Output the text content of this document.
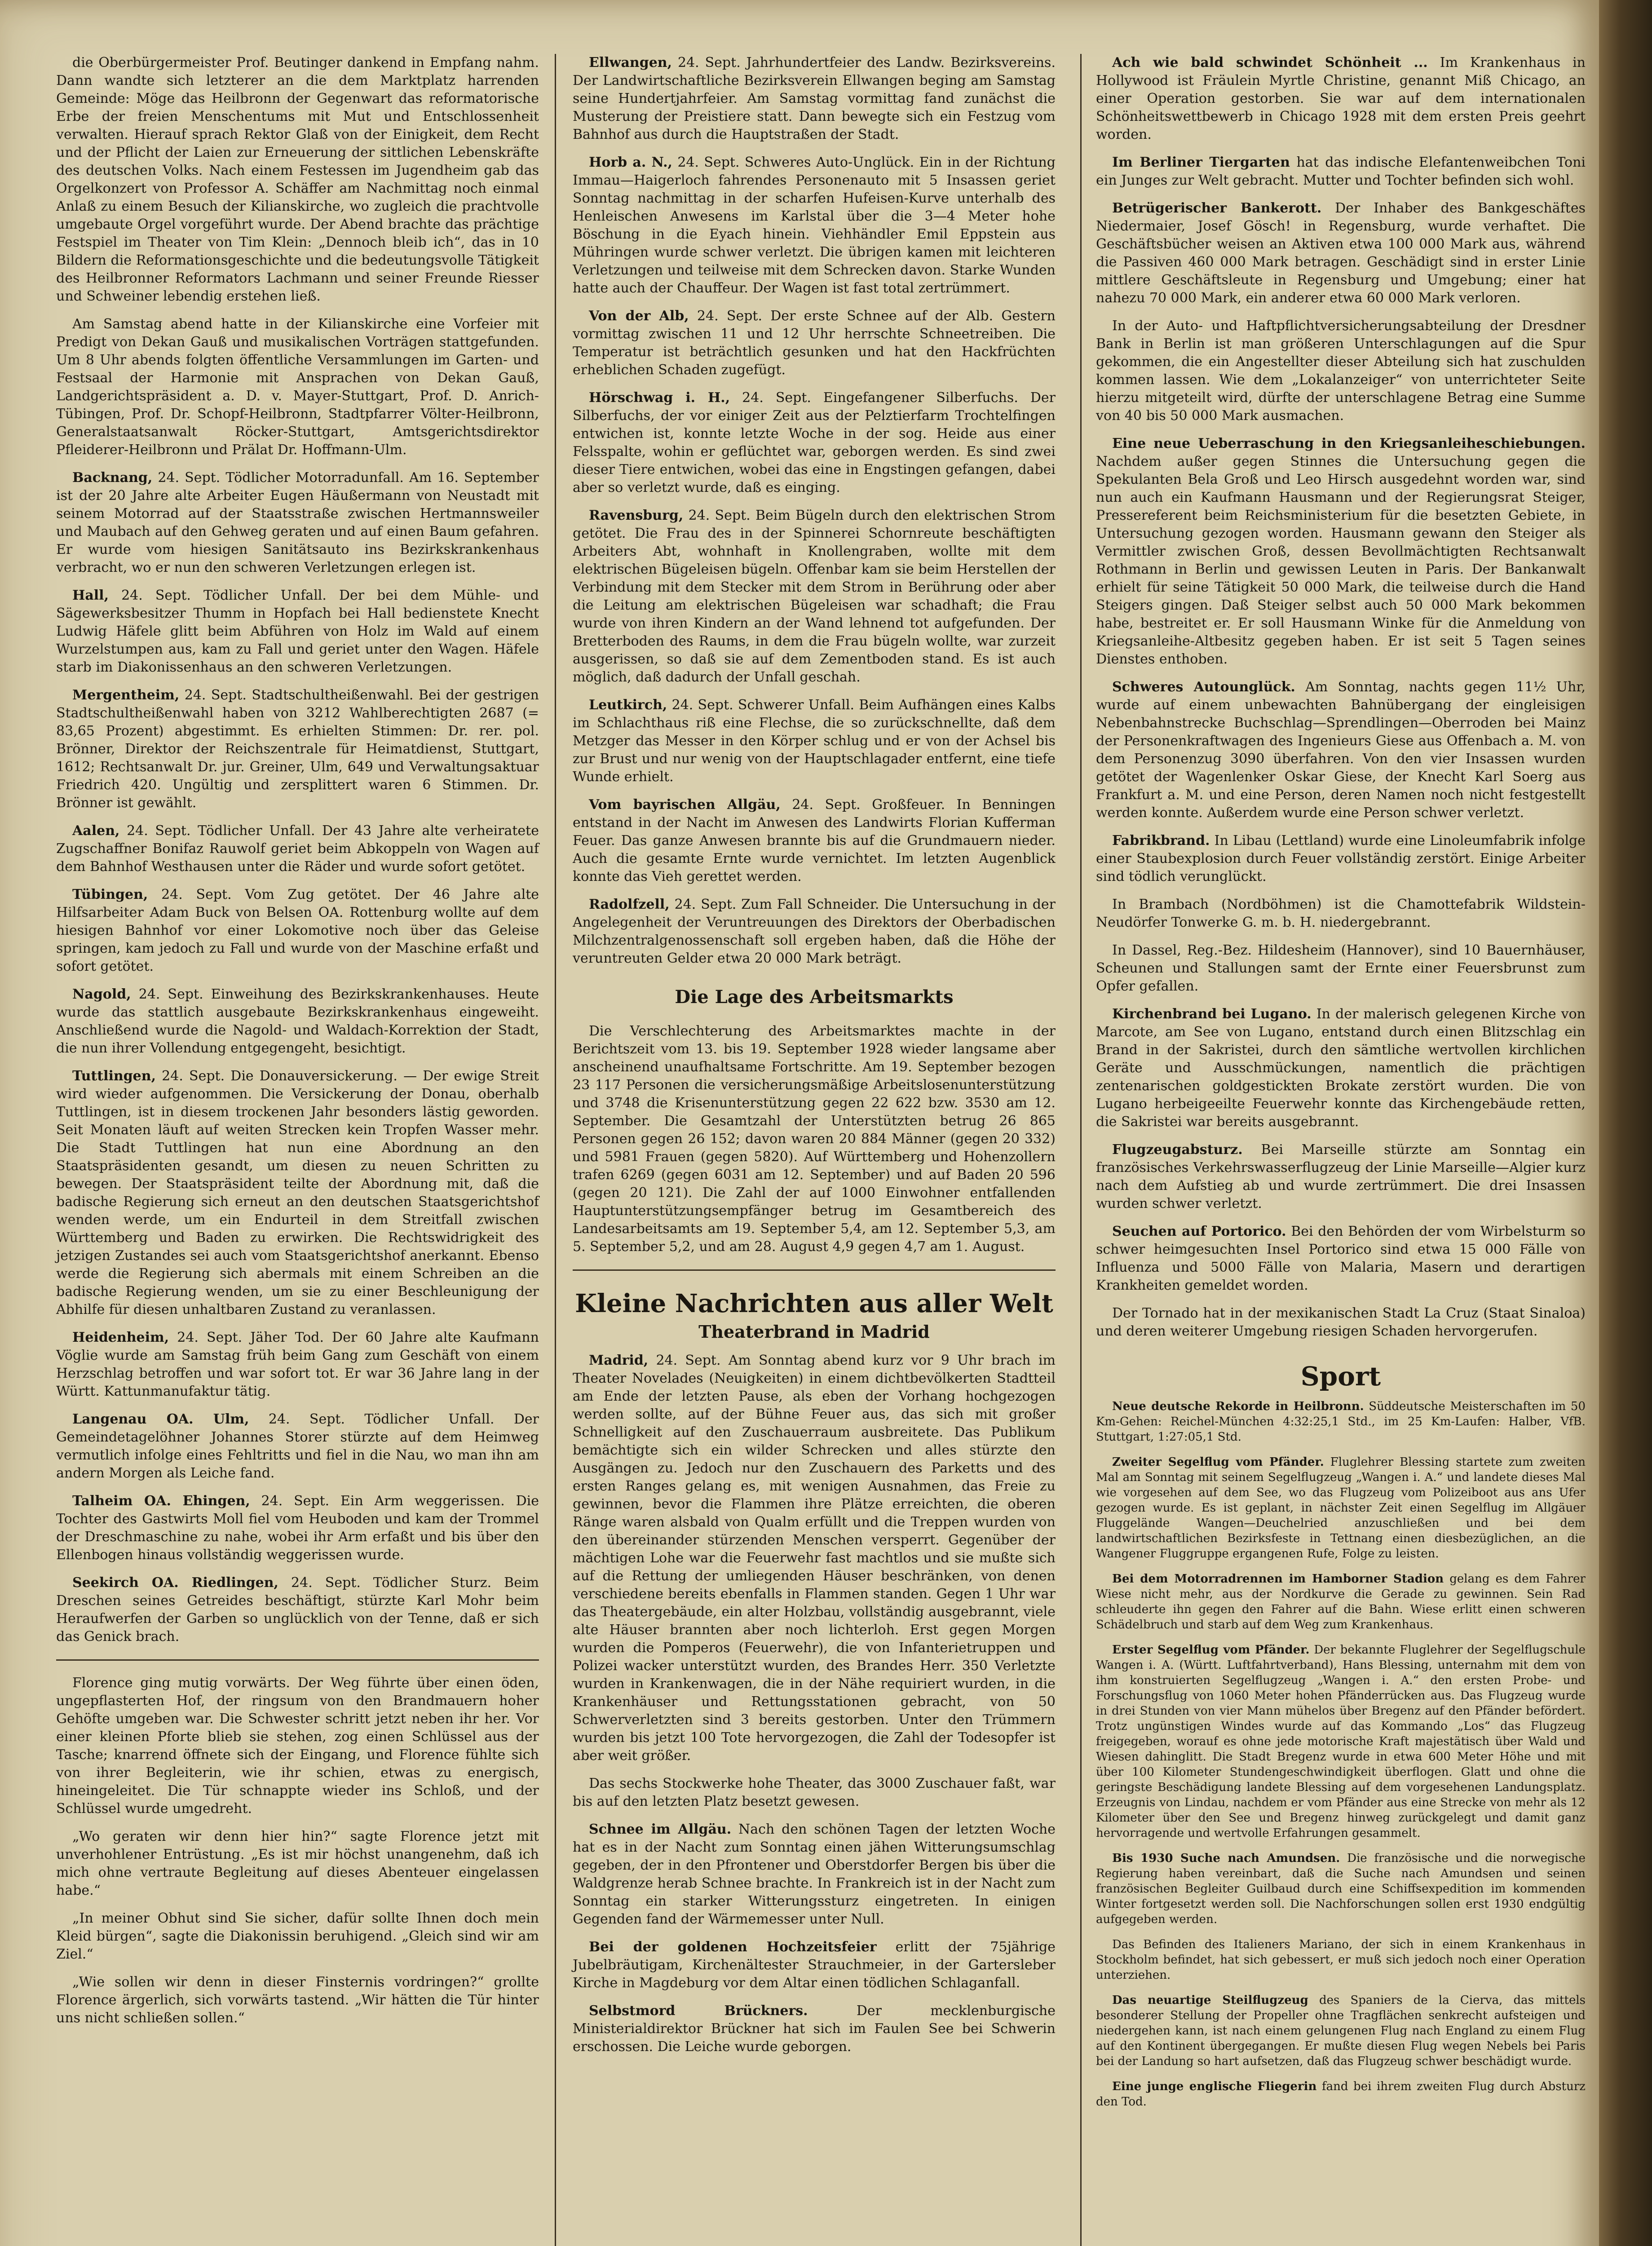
die Oberbürgermeister Prof. Beutinger dankend in Empfang nahm. Dann wandte sich letzterer an die dem Marktplatz harrenden Gemeinde: Möge das Heilbronn der Gegenwart das reformatorische Erbe der freien Menschentums mit Mut und Entschlossenheit verwalten. Hierauf sprach Rektor Glaß von der Einigkeit, dem Recht und der Pflicht der Laien zur Erneuerung der sittlichen Lebenskräfte des deutschen Volks. Nach einem Festessen im Jugendheim gab das Orgelkonzert von Professor A. Schäffer am Nachmittag noch einmal Anlaß zu einem Besuch der Kilianskirche, wo zugleich die prachtvolle umgebaute Orgel vorgeführt wurde. Der Abend brachte das prächtige Festspiel im Theater von Tim Klein: „Dennoch bleib ich“, das in 10 Bildern die Reformationsgeschichte und die bedeutungsvolle Tätigkeit des Heilbronner Reformators Lachmann und seiner Freunde Riesser und Schweiner lebendig erstehen ließ.

Am Samstag abend hatte in der Kilianskirche eine Vorfeier mit Predigt von Dekan Gauß und musikalischen Vorträgen stattgefunden. Um 8 Uhr abends folgten öffentliche Versammlungen im Garten- und Festsaal der Harmonie mit Ansprachen von Dekan Gauß, Landgerichtspräsident a. D. v. Mayer-Stuttgart, Prof. D. Anrich-Tübingen, Prof. Dr. Schopf-Heilbronn, Stadtpfarrer Völter-Heilbronn, Generalstaatsanwalt Röcker-Stuttgart, Amtsgerichtsdirektor Pfleiderer-Heilbronn und Prälat Dr. Hoffmann-Ulm.

Backnang, 24. Sept. Tödlicher Motorradunfall. Am 16. September ist der 20 Jahre alte Arbeiter Eugen Häußermann von Neustadt mit seinem Motorrad auf der Staatsstraße zwischen Hertmannsweiler und Maubach auf den Gehweg geraten und auf einen Baum gefahren. Er wurde vom hiesigen Sanitätsauto ins Bezirkskrankenhaus verbracht, wo er nun den schweren Verletzungen erlegen ist.

Hall, 24. Sept. Tödlicher Unfall. Der bei dem Mühle- und Sägewerksbesitzer Thumm in Hopfach bei Hall bedienstete Knecht Ludwig Häfele glitt beim Abführen von Holz im Wald auf einem Wurzelstumpen aus, kam zu Fall und geriet unter den Wagen. Häfele starb im Diakonissenhaus an den schweren Verletzungen.

Mergentheim, 24. Sept. Stadtschultheißenwahl. Bei der gestrigen Stadtschultheißenwahl haben von 3212 Wahlberechtigten 2687 (= 83,65 Prozent) abgestimmt. Es erhielten Stimmen: Dr. rer. pol. Brönner, Direktor der Reichszentrale für Heimatdienst, Stuttgart, 1612; Rechtsanwalt Dr. jur. Greiner, Ulm, 649 und Verwaltungsaktuar Friedrich 420. Ungültig und zersplittert waren 6 Stimmen. Dr. Brönner ist gewählt.

Aalen, 24. Sept. Tödlicher Unfall. Der 43 Jahre alte verheiratete Zugschaffner Bonifaz Rauwolf geriet beim Abkoppeln von Wagen auf dem Bahnhof Westhausen unter die Räder und wurde sofort getötet.

Tübingen, 24. Sept. Vom Zug getötet. Der 46 Jahre alte Hilfsarbeiter Adam Buck von Belsen OA. Rottenburg wollte auf dem hiesigen Bahnhof vor einer Lokomotive noch über das Geleise springen, kam jedoch zu Fall und wurde von der Maschine erfaßt und sofort getötet.

Nagold, 24. Sept. Einweihung des Bezirkskrankenhauses. Heute wurde das stattlich ausgebaute Bezirkskrankenhaus eingeweiht. Anschließend wurde die Nagold- und Waldach-Korrektion der Stadt, die nun ihrer Vollendung entgegengeht, besichtigt.

Tuttlingen, 24. Sept. Die Donauversickerung. — Der ewige Streit wird wieder aufgenommen. Die Versickerung der Donau, oberhalb Tuttlingen, ist in diesem trockenen Jahr besonders lästig geworden. Seit Monaten läuft auf weiten Strecken kein Tropfen Wasser mehr. Die Stadt Tuttlingen hat nun eine Abordnung an den Staatspräsidenten gesandt, um diesen zu neuen Schritten zu bewegen. Der Staatspräsident teilte der Abordnung mit, daß die badische Regierung sich erneut an den deutschen Staatsgerichtshof wenden werde, um ein Endurteil in dem Streitfall zwischen Württemberg und Baden zu erwirken. Die Rechtswidrigkeit des jetzigen Zustandes sei auch vom Staatsgerichtshof anerkannt. Ebenso werde die Regierung sich abermals mit einem Schreiben an die badische Regierung wenden, um sie zu einer Beschleunigung der Abhilfe für diesen unhaltbaren Zustand zu veranlassen.

Heidenheim, 24. Sept. Jäher Tod. Der 60 Jahre alte Kaufmann Vöglie wurde am Samstag früh beim Gang zum Geschäft von einem Herzschlag betroffen und war sofort tot. Er war 36 Jahre lang in der Württ. Kattunmanufaktur tätig.

Langenau OA. Ulm, 24. Sept. Tödlicher Unfall. Der Gemeindetagelöhner Johannes Storer stürzte auf dem Heimweg vermutlich infolge eines Fehltritts und fiel in die Nau, wo man ihn am andern Morgen als Leiche fand.

Talheim OA. Ehingen, 24. Sept. Ein Arm weggerissen. Die Tochter des Gastwirts Moll fiel vom Heuboden und kam der Trommel der Dreschmaschine zu nahe, wobei ihr Arm erfaßt und bis über den Ellenbogen hinaus vollständig weggerissen wurde.

Seekirch OA. Riedlingen, 24. Sept. Tödlicher Sturz. Beim Dreschen seines Getreides beschäftigt, stürzte Karl Mohr beim Heraufwerfen der Garben so unglücklich von der Tenne, daß er sich das Genick brach.

Florence ging mutig vorwärts. Der Weg führte über einen öden, ungepflasterten Hof, der ringsum von den Brandmauern hoher Gehöfte umgeben war. Die Schwester schritt jetzt neben ihr her. Vor einer kleinen Pforte blieb sie stehen, zog einen Schlüssel aus der Tasche; knarrend öffnete sich der Eingang, und Florence fühlte sich von ihrer Begleiterin, wie ihr schien, etwas zu energisch, hineingeleitet. Die Tür schnappte wieder ins Schloß, und der Schlüssel wurde umgedreht.

„Wo geraten wir denn hier hin?“ sagte Florence jetzt mit unverhohlener Entrüstung. „Es ist mir höchst unangenehm, daß ich mich ohne vertraute Begleitung auf dieses Abenteuer eingelassen habe.“

„In meiner Obhut sind Sie sicher, dafür sollte Ihnen doch mein Kleid bürgen“, sagte die Diakonissin beruhigend. „Gleich sind wir am Ziel.“

„Wie sollen wir denn in dieser Finsternis vordringen?“ grollte Florence ärgerlich, sich vorwärts tastend. „Wir hätten die Tür hinter uns nicht schließen sollen.“

Ellwangen, 24. Sept. Jahrhundertfeier des Landw. Bezirksvereins. Der Landwirtschaftliche Bezirksverein Ellwangen beging am Samstag seine Hundertjahrfeier. Am Samstag vormittag fand zunächst die Musterung der Preistiere statt. Dann bewegte sich ein Festzug vom Bahnhof aus durch die Hauptstraßen der Stadt.

Horb a. N., 24. Sept. Schweres Auto-Unglück. Ein in der Richtung Immau—Haigerloch fahrendes Personenauto mit 5 Insassen geriet Sonntag nachmittag in der scharfen Hufeisen-Kurve unterhalb des Henleischen Anwesens im Karlstal über die 3—4 Meter hohe Böschung in die Eyach hinein. Viehhändler Emil Eppstein aus Mühringen wurde schwer verletzt. Die übrigen kamen mit leichteren Verletzungen und teilweise mit dem Schrecken davon. Starke Wunden hatte auch der Chauffeur. Der Wagen ist fast total zertrümmert.

Von der Alb, 24. Sept. Der erste Schnee auf der Alb. Gestern vormittag zwischen 11 und 12 Uhr herrschte Schneetreiben. Die Temperatur ist beträchtlich gesunken und hat den Hackfrüchten erheblichen Schaden zugefügt.

Hörschwag i. H., 24. Sept. Eingefangener Silberfuchs. Der Silberfuchs, der vor einiger Zeit aus der Pelztierfarm Trochtelfingen entwichen ist, konnte letzte Woche in der sog. Heide aus einer Felsspalte, wohin er geflüchtet war, geborgen werden. Es sind zwei dieser Tiere entwichen, wobei das eine in Engstingen gefangen, dabei aber so verletzt wurde, daß es einging.

Ravensburg, 24. Sept. Beim Bügeln durch den elektrischen Strom getötet. Die Frau des in der Spinnerei Schornreute beschäftigten Arbeiters Abt, wohnhaft in Knollengraben, wollte mit dem elektrischen Bügeleisen bügeln. Offenbar kam sie beim Herstellen der Verbindung mit dem Stecker mit dem Strom in Berührung oder aber die Leitung am elektrischen Bügeleisen war schadhaft; die Frau wurde von ihren Kindern an der Wand lehnend tot aufgefunden. Der Bretterboden des Raums, in dem die Frau bügeln wollte, war zurzeit ausgerissen, so daß sie auf dem Zementboden stand. Es ist auch möglich, daß dadurch der Unfall geschah.

Leutkirch, 24. Sept. Schwerer Unfall. Beim Aufhängen eines Kalbs im Schlachthaus riß eine Flechse, die so zurückschnellte, daß dem Metzger das Messer in den Körper schlug und er von der Achsel bis zur Brust und nur wenig von der Hauptschlagader entfernt, eine tiefe Wunde erhielt.

Vom bayrischen Allgäu, 24. Sept. Großfeuer. In Benningen entstand in der Nacht im Anwesen des Landwirts Florian Kufferman Feuer. Das ganze Anwesen brannte bis auf die Grundmauern nieder. Auch die gesamte Ernte wurde vernichtet. Im letzten Augenblick konnte das Vieh gerettet werden.

Radolfzell, 24. Sept. Zum Fall Schneider. Die Untersuchung in der Angelegenheit der Veruntreuungen des Direktors der Oberbadischen Milchzentralgenossenschaft soll ergeben haben, daß die Höhe der veruntreuten Gelder etwa 20 000 Mark beträgt.

Die Lage des Arbeitsmarkts

Die Verschlechterung des Arbeitsmarktes machte in der Berichtszeit vom 13. bis 19. September 1928 wieder langsame aber anscheinend unaufhaltsame Fortschritte. Am 19. September bezogen 23 117 Personen die versicherungsmäßige Arbeitslosenunterstützung und 3748 die Krisenunterstützung gegen 22 622 bzw. 3530 am 12. September. Die Gesamtzahl der Unterstützten betrug 26 865 Personen gegen 26 152; davon waren 20 884 Männer (gegen 20 332) und 5981 Frauen (gegen 5820). Auf Württemberg und Hohenzollern trafen 6269 (gegen 6031 am 12. September) und auf Baden 20 596 (gegen 20 121). Die Zahl der auf 1000 Einwohner entfallenden Hauptunterstützungsempfänger betrug im Gesamtbereich des Landesarbeitsamts am 19. September 5,4, am 12. September 5,3, am 5. September 5,2, und am 28. August 4,9 gegen 4,7 am 1. August.

Kleine Nachrichten aus aller Welt
Theaterbrand in Madrid

Madrid, 24. Sept. Am Sonntag abend kurz vor 9 Uhr brach im Theater Novelades (Neuigkeiten) in einem dichtbevölkerten Stadtteil am Ende der letzten Pause, als eben der Vorhang hochgezogen werden sollte, auf der Bühne Feuer aus, das sich mit großer Schnelligkeit auf den Zuschauerraum ausbreitete. Das Publikum bemächtigte sich ein wilder Schrecken und alles stürzte den Ausgängen zu. Jedoch nur den Zuschauern des Parketts und des ersten Ranges gelang es, mit wenigen Ausnahmen, das Freie zu gewinnen, bevor die Flammen ihre Plätze erreichten, die oberen Ränge waren alsbald von Qualm erfüllt und die Treppen wurden von den übereinander stürzenden Menschen versperrt. Gegenüber der mächtigen Lohe war die Feuerwehr fast machtlos und sie mußte sich auf die Rettung der umliegenden Häuser beschränken, von denen verschiedene bereits ebenfalls in Flammen standen. Gegen 1 Uhr war das Theatergebäude, ein alter Holzbau, vollständig ausgebrannt, viele alte Häuser brannten aber noch lichterloh. Erst gegen Morgen wurden die Pomperos (Feuerwehr), die von Infanterietruppen und Polizei wacker unterstützt wurden, des Brandes Herr. 350 Verletzte wurden in Krankenwagen, die in der Nähe requiriert wurden, in die Krankenhäuser und Rettungsstationen gebracht, von 50 Schwerverletzten sind 3 bereits gestorben. Unter den Trümmern wurden bis jetzt 100 Tote hervorgezogen, die Zahl der Todesopfer ist aber weit größer.

Das sechs Stockwerke hohe Theater, das 3000 Zuschauer faßt, war bis auf den letzten Platz besetzt gewesen.

Schnee im Allgäu. Nach den schönen Tagen der letzten Woche hat es in der Nacht zum Sonntag einen jähen Witterungsumschlag gegeben, der in den Pfrontener und Oberstdorfer Bergen bis über die Waldgrenze herab Schnee brachte. In Frankreich ist in der Nacht zum Sonntag ein starker Witterungssturz eingetreten. In einigen Gegenden fand der Wärmemesser unter Null.

Bei der goldenen Hochzeitsfeier erlitt der 75jährige Jubelbräutigam, Kirchenältester Strauchmeier, in der Gartersleber Kirche in Magdeburg vor dem Altar einen tödlichen Schlaganfall.

Selbstmord Brückners. Der mecklenburgische Ministerialdirektor Brückner hat sich im Faulen See bei Schwerin erschossen. Die Leiche wurde geborgen.

Ach wie bald schwindet Schönheit ... Im Krankenhaus in Hollywood ist Fräulein Myrtle Christine, genannt Miß Chicago, an einer Operation gestorben. Sie war auf dem internationalen Schönheitswettbewerb in Chicago 1928 mit dem ersten Preis geehrt worden.

Im Berliner Tiergarten hat das indische Elefantenweibchen Toni ein Junges zur Welt gebracht. Mutter und Tochter befinden sich wohl.

Betrügerischer Bankerott. Der Inhaber des Bankgeschäftes Niedermaier, Josef Gösch! in Regensburg, wurde verhaftet. Die Geschäftsbücher weisen an Aktiven etwa 100 000 Mark aus, während die Passiven 460 000 Mark betragen. Geschädigt sind in erster Linie mittlere Geschäftsleute in Regensburg und Umgebung; einer hat nahezu 70 000 Mark, ein anderer etwa 60 000 Mark verloren.

In der Auto- und Haftpflichtversicherungsabteilung der Dresdner Bank in Berlin ist man größeren Unterschlagungen auf die Spur gekommen, die ein Angestellter dieser Abteilung sich hat zuschulden kommen lassen. Wie dem „Lokalanzeiger“ von unterrichteter Seite hierzu mitgeteilt wird, dürfte der unterschlagene Betrag eine Summe von 40 bis 50 000 Mark ausmachen.

Eine neue Ueberraschung in den Kriegsanleiheschiebungen. Nachdem außer gegen Stinnes die Untersuchung gegen die Spekulanten Bela Groß und Leo Hirsch ausgedehnt worden war, sind nun auch ein Kaufmann Hausmann und der Regierungsrat Steiger, Pressereferent beim Reichsministerium für die besetzten Gebiete, in Untersuchung gezogen worden. Hausmann gewann den Steiger als Vermittler zwischen Groß, dessen Bevollmächtigten Rechtsanwalt Rothmann in Berlin und gewissen Leuten in Paris. Der Bankanwalt erhielt für seine Tätigkeit 50 000 Mark, die teilweise durch die Hand Steigers gingen. Daß Steiger selbst auch 50 000 Mark bekommen habe, bestreitet er. Er soll Hausmann Winke für die Anmeldung von Kriegsanleihe-Altbesitz gegeben haben. Er ist seit 5 Tagen seines Dienstes enthoben.

Schweres Autounglück. Am Sonntag, nachts gegen 11½ Uhr, wurde auf einem unbewachten Bahnübergang der eingleisigen Nebenbahnstrecke Buchschlag—Sprendlingen—Oberroden bei Mainz der Personenkraftwagen des Ingenieurs Giese aus Offenbach a. M. von dem Personenzug 3090 überfahren. Von den vier Insassen wurden getötet der Wagenlenker Oskar Giese, der Knecht Karl Soerg aus Frankfurt a. M. und eine Person, deren Namen noch nicht festgestellt werden konnte. Außerdem wurde eine Person schwer verletzt.

Fabrikbrand. In Libau (Lettland) wurde eine Linoleumfabrik infolge einer Staubexplosion durch Feuer vollständig zerstört. Einige Arbeiter sind tödlich verunglückt.

In Brambach (Nordböhmen) ist die Chamottefabrik Wildstein-Neudörfer Tonwerke G. m. b. H. niedergebrannt.

In Dassel, Reg.-Bez. Hildesheim (Hannover), sind 10 Bauernhäuser, Scheunen und Stallungen samt der Ernte einer Feuersbrunst zum Opfer gefallen.

Kirchenbrand bei Lugano. In der malerisch gelegenen Kirche von Marcote, am See von Lugano, entstand durch einen Blitzschlag ein Brand in der Sakristei, durch den sämtliche wertvollen kirchlichen Geräte und Ausschmückungen, namentlich die prächtigen zentenarischen goldgestickten Brokate zerstört wurden. Die von Lugano herbeigeeilte Feuerwehr konnte das Kirchengebäude retten, die Sakristei war bereits ausgebrannt.

Flugzeugabsturz. Bei Marseille stürzte am Sonntag ein französisches Verkehrswasserflugzeug der Linie Marseille—Algier kurz nach dem Aufstieg ab und wurde zertrümmert. Die drei Insassen wurden schwer verletzt.

Seuchen auf Portorico. Bei den Behörden der vom Wirbelsturm so schwer heimgesuchten Insel Portorico sind etwa 15 000 Fälle von Influenza und 5000 Fälle von Malaria, Masern und derartigen Krankheiten gemeldet worden.

Der Tornado hat in der mexikanischen Stadt La Cruz (Staat Sinaloa) und deren weiterer Umgebung riesigen Schaden hervorgerufen.

Sport

Neue deutsche Rekorde in Heilbronn. Süddeutsche Meisterschaften im 50 Km-Gehen: Reichel-München 4:32:25,1 Std., im 25 Km-Laufen: Halber, VfB. Stuttgart, 1:27:05,1 Std.

Zweiter Segelflug vom Pfänder. Fluglehrer Blessing startete zum zweiten Mal am Sonntag mit seinem Segelflugzeug „Wangen i. A.“ und landete dieses Mal wie vorgesehen auf dem See, wo das Flugzeug vom Polizeiboot aus ans Ufer gezogen wurde. Es ist geplant, in nächster Zeit einen Segelflug im Allgäuer Fluggelände Wangen—Deuchelried anzuschließen und bei dem landwirtschaftlichen Bezirksfeste in Tettnang einen diesbezüglichen, an die Wangener Fluggruppe ergangenen Rufe, Folge zu leisten.

Bei dem Motorradrennen im Hamborner Stadion gelang es dem Fahrer Wiese nicht mehr, aus der Nordkurve die Gerade zu gewinnen. Sein Rad schleuderte ihn gegen den Fahrer auf die Bahn. Wiese erlitt einen schweren Schädelbruch und starb auf dem Weg zum Krankenhaus.

Erster Segelflug vom Pfänder. Der bekannte Fluglehrer der Segelflugschule Wangen i. A. (Württ. Luftfahrtverband), Hans Blessing, unternahm mit dem von ihm konstruierten Segelflugzeug „Wangen i. A.“ den ersten Probe- und Forschungsflug von 1060 Meter hohen Pfänderrücken aus. Das Flugzeug wurde in drei Stunden von vier Mann mühelos über Bregenz auf den Pfänder befördert. Trotz ungünstigen Windes wurde auf das Kommando „Los“ das Flugzeug freigegeben, worauf es ohne jede motorische Kraft majestätisch über Wald und Wiesen dahinglitt. Die Stadt Bregenz wurde in etwa 600 Meter Höhe und mit über 100 Kilometer Stundengeschwindigkeit überflogen. Glatt und ohne die geringste Beschädigung landete Blessing auf dem vorgesehenen Landungsplatz. Erzeugnis von Lindau, nachdem er vom Pfänder aus eine Strecke von mehr als 12 Kilometer über den See und Bregenz hinweg zurückgelegt und damit ganz hervorragende und wertvolle Erfahrungen gesammelt.

Bis 1930 Suche nach Amundsen. Die französische und die norwegische Regierung haben vereinbart, daß die Suche nach Amundsen und seinen französischen Begleiter Guilbaud durch eine Schiffsexpedition im kommenden Winter fortgesetzt werden soll. Die Nachforschungen sollen erst 1930 endgültig aufgegeben werden.

Das Befinden des Italieners Mariano, der sich in einem Krankenhaus in Stockholm befindet, hat sich gebessert, er muß sich jedoch noch einer Operation unterziehen.

Das neuartige Steilflugzeug des Spaniers de la Cierva, das mittels besonderer Stellung der Propeller ohne Tragflächen senkrecht aufsteigen und niedergehen kann, ist nach einem gelungenen Flug nach England zu einem Flug auf den Kontinent übergegangen. Er mußte diesen Flug wegen Nebels bei Paris bei der Landung so hart aufsetzen, daß das Flugzeug schwer beschädigt wurde.

Eine junge englische Fliegerin fand bei ihrem zweiten Flug durch Absturz den Tod.
